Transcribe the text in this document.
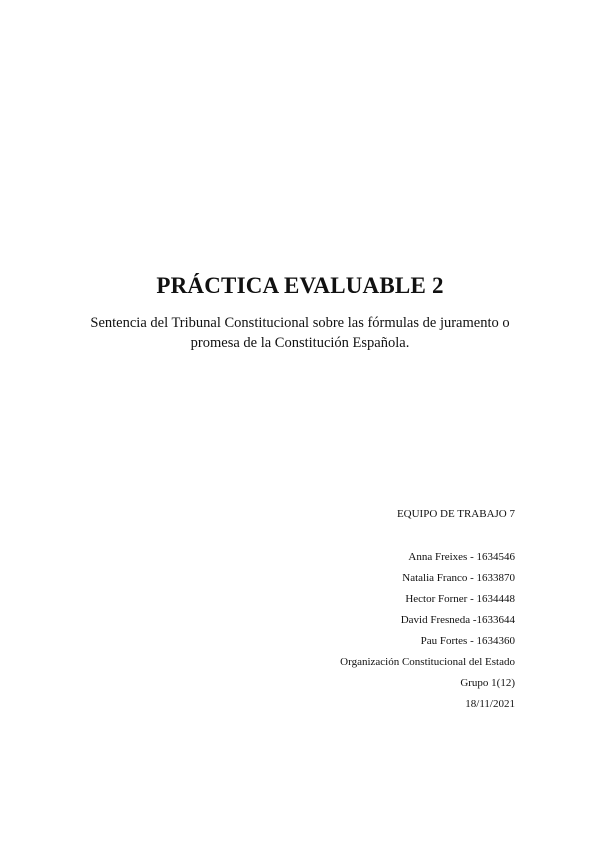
PRÁCTICA EVALUABLE 2
Sentencia del Tribunal Constitucional sobre las fórmulas de juramento o promesa de la Constitución Española.
EQUIPO DE TRABAJO 7
Anna Freixes - 1634546
Natalia Franco - 1633870
Hector Forner - 1634448
David Fresneda -1633644
Pau Fortes - 1634360
Organización Constitucional del Estado
Grupo 1(12)
18/11/2021
